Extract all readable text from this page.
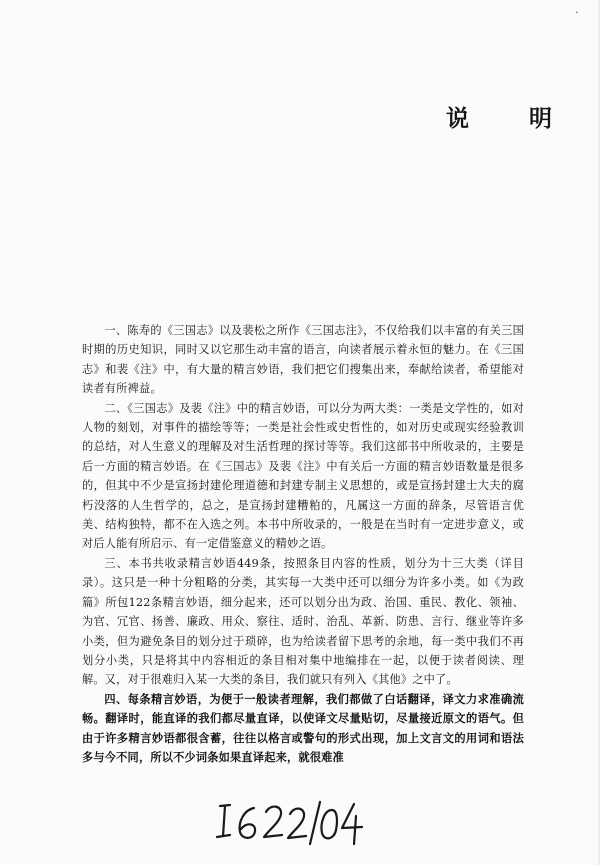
·
说 明

一、陈寿的《三国志》以及裴松之所作《三国志注》，不仅给我们以丰富的有关三国时期的历史知识，同时又以它那生动丰富的语言，向读者展示着永恒的魅力。在《三国志》和裴《注》中，有大量的精言妙语，我们把它们搜集出来，奉献给读者，希望能对读者有所裨益。

二、《三国志》及裴《注》中的精言妙语，可以分为两大类：一类是文学性的，如对人物的刻划，对事件的描绘等等；一类是社会性或史哲性的，如对历史或现实经验教训的总结，对人生意义的理解及对生活哲理的探讨等等。我们这部书中所收录的，主要是后一方面的精言妙语。在《三国志》及裴《注》中有关后一方面的精言妙语数量是很多的，但其中不少是宣扬封建伦理道德和封建专制主义思想的，或是宣扬封建士大夫的腐朽没落的人生哲学的，总之，是宣扬封建糟粕的，凡属这一方面的辞条，尽管语言优美、结构独特，都不在入选之列。本书中所收录的，一般是在当时有一定进步意义，或对后人能有所启示、有一定借鉴意义的精妙之语。

三、本书共收录精言妙语449条，按照条目内容的性质，划分为十三大类（详目录）。这只是一种十分粗略的分类，其实每一大类中还可以细分为许多小类。如《为政篇》所包122条精言妙语，细分起来，还可以划分出为政、治国、重民、教化、领袖、为官、冗官、扬善、廉政、用众、察往、适时、治乱、革新、防患、言行、继业等许多小类，但为避免条目的划分过于琐碎，也为给读者留下思考的余地，每一类中我们不再划分小类，只是将其中内容相近的条目相对集中地编排在一起，以便于读者阅读、理解。又，对于很难归入某一大类的条目，我们就只有列入《其他》之中了。

四、每条精言妙语，为便于一般读者理解，我们都做了白话翻译，译文力求准确流畅。翻译时，能直译的我们都尽量直译，以使译文尽量贴切，尽量接近原文的语气。但由于许多精言妙语都很含蓄，往往以格言或警句的形式出现，加上文言文的用词和语法多与今不同，所以不少词条如果直译起来，就很难准
